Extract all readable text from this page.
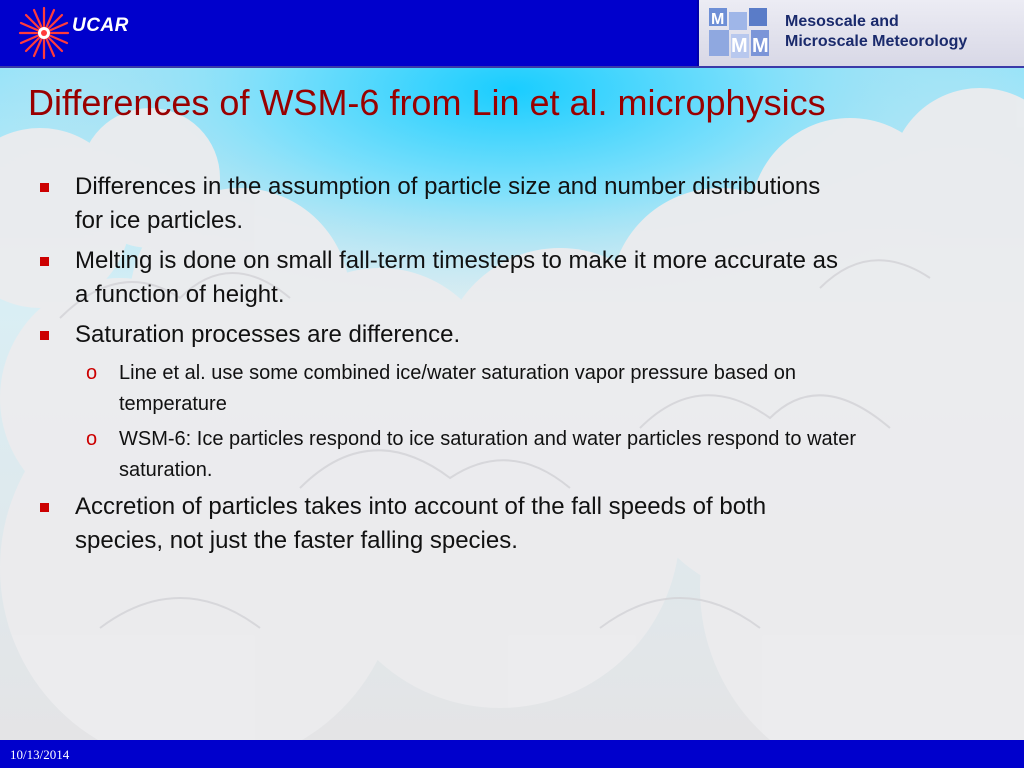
UCAR	M
M M
Mesoscale and
Microscale Meteorology
Differences of WSM-6 from Lin et al. microphysics
Differences in the assumption of particle size and number distributions for ice particles.
Melting is done on small fall-term timesteps to make it more accurate as a function of height.
Saturation processes are difference.
o Line et al. use some combined ice/water saturation vapor pressure based on temperature
o WSM-6: Ice particles respond to ice saturation and water particles respond to water saturation.
Accretion of particles takes into account of the fall speeds of both species, not just the faster falling species.
10/13/2014
